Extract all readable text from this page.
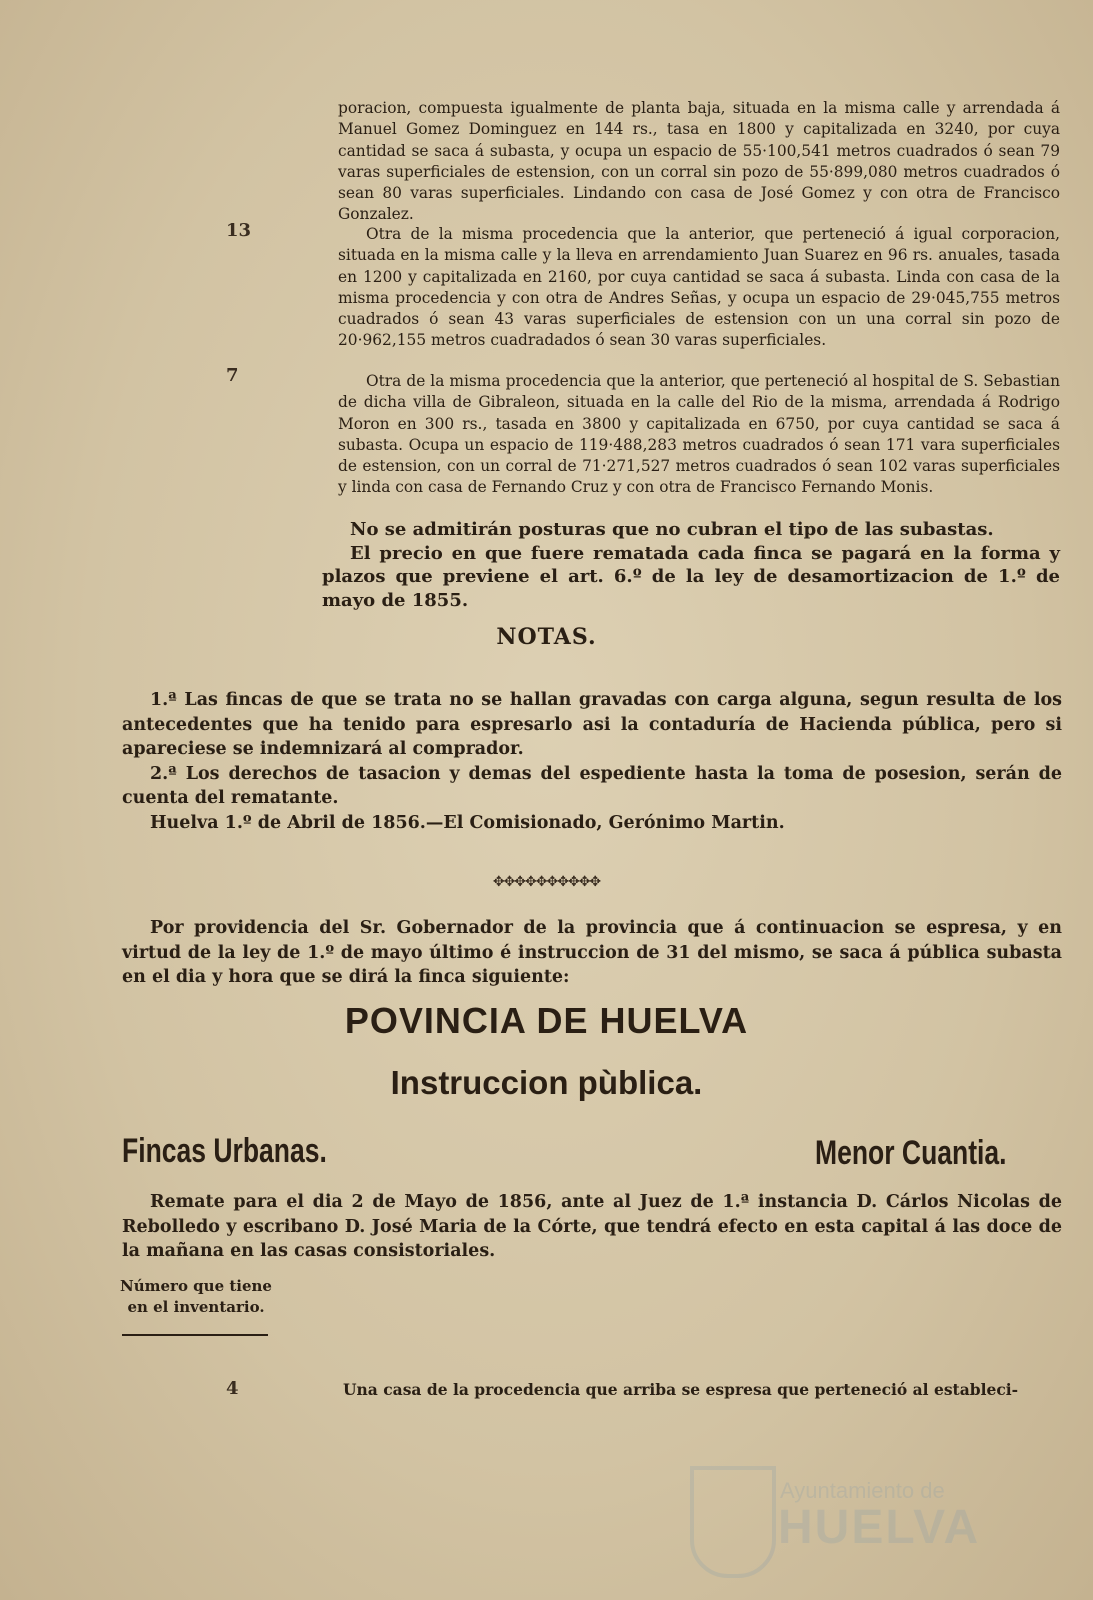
poracion, compuesta igualmente de planta baja, situada en la misma calle y arrendada á Manuel Gomez Dominguez en 144 rs., tasa en 1800 y capitalizada en 3240, por cuya cantidad se saca á subasta, y ocupa un espacio de 55·100,541 metros cuadrados ó sean 79 varas superficiales de estension, con un corral sin pozo de 55·899,080 metros cuadrados ó sean 80 varas superficiales. Lindando con casa de José Gomez y con otra de Francisco Gonzalez.

13	Otra de la misma procedencia que la anterior, que perteneció á igual corporacion, situada en la misma calle y la lleva en arrendamiento Juan Suarez en 96 rs. anuales, tasada en 1200 y capitalizada en 2160, por cuya cantidad se saca á subasta. Linda con casa de la misma procedencia y con otra de Andres Señas, y ocupa un espacio de 29·045,755 metros cuadrados ó sean 43 varas superficiales de estension con un una corral sin pozo de 20·962,155 metros cuadradados ó sean 30 varas superficiales.

7	Otra de la misma procedencia que la anterior, que perteneció al hospital de S. Sebastian de dicha villa de Gibraleon, situada en la calle del Rio de la misma, arrendada á Rodrigo Moron en 300 rs., tasada en 3800 y capitalizada en 6750, por cuya cantidad se saca á subasta. Ocupa un espacio de 119·488,283 metros cuadrados ó sean 171 vara superficiales de estension, con un corral de 71·271,527 metros cuadrados ó sean 102 varas superficiales y linda con casa de Fernando Cruz y con otra de Francisco Fernando Monis.

No se admitirán posturas que no cubran el tipo de las subastas.

El precio en que fuere rematada cada finca se pagará en la forma y plazos que previene el art. 6.º de la ley de desamortizacion de 1.º de mayo de 1855.

NOTAS.

1.ª Las fincas de que se trata no se hallan gravadas con carga alguna, segun resulta de los antecedentes que ha tenido para espresarlo asi la contaduría de Hacienda pública, pero si apareciese se indemnizará al comprador.

2.ª Los derechos de tasacion y demas del espediente hasta la toma de posesion, serán de cuenta del rematante.

Huelva 1.º de Abril de 1856.—El Comisionado, Gerónimo Martin.

✥✥✥✥✥✥✥✥✥✥

Por providencia del Sr. Gobernador de la provincia que á continuacion se espresa, y en virtud de la ley de 1.º de mayo último é instruccion de 31 del mismo, se saca á pública subasta en el dia y hora que se dirá la finca siguiente:

POVINCIA DE HUELVA
Instruccion pùblica.
Fincas Urbanas.	Menor Cuantia.

Remate para el dia 2 de Mayo de 1856, ante al Juez de 1.ª instancia D. Cárlos Nicolas de Rebolledo y escribano D. José Maria de la Córte, que tendrá efecto en esta capital á las doce de la mañana en las casas consistoriales.

Número que tiene en el inventario.
4	Una casa de la procedencia que arriba se espresa que perteneció al estableci-
Ayuntamiento de
HUELVA
